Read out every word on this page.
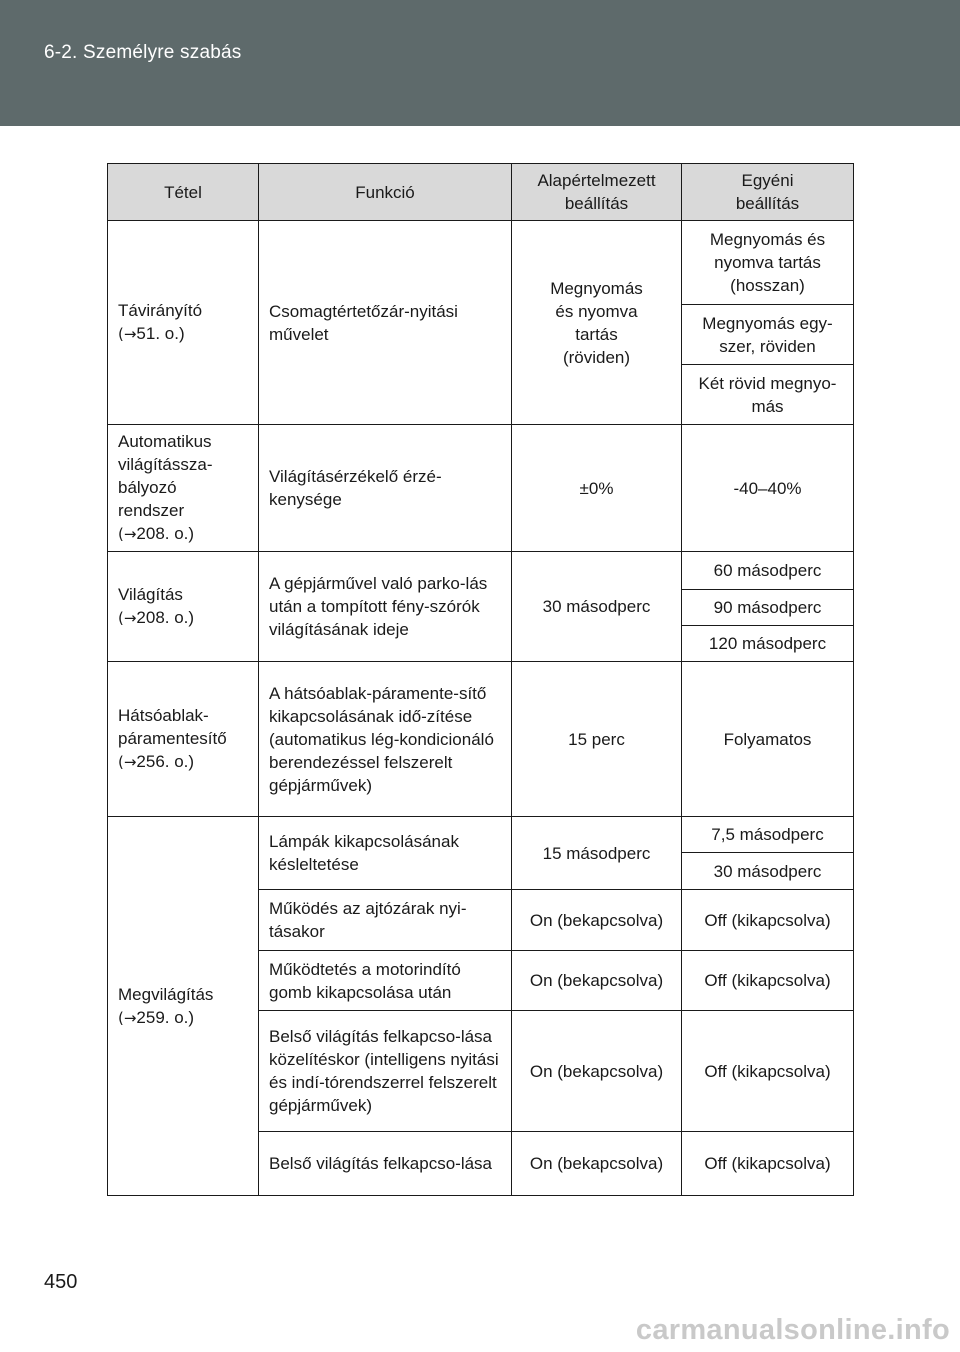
6-2. Személyre szabás
Tétel	Funkció	Alapértelmezett beállítás	Egyéni beállítás

Távirányító
(→51. o.)	Csomagtértetőzár-nyitási művelet	Megnyomás és nyomva tartás (röviden)	Megnyomás és nyomva tartás (hosszan)
			Megnyomás egy-szer, röviden
			Két rövid megnyo-más

Automatikus
világítássza-
bályozó
rendszer
(→208. o.)	Világításérzékelő érzé-kenysége	±0%	-40–40%

Világítás
(→208. o.)	A gépjárművel való parko-lás után a tompított fény-szórók világításának ideje	30 másodperc	60 másodperc
			90 másodperc
			120 másodperc

Hátsóablak-
páramentesítő
(→256. o.)	A hátsóablak-páramente-sítő kikapcsolásának idő-zítése (automatikus lég-kondicionáló berendezéssel felszerelt gépjárművek)	15 perc	Folyamatos

Megvilágítás
(→259. o.)	Lámpák kikapcsolásának késleltetése	15 másodperc	7,5 másodperc
			30 másodperc
	Működés az ajtózárak nyi-tásakor	On (bekapcsolva)	Off (kikapcsolva)
	Működtetés a motorindító gomb kikapcsolása után	On (bekapcsolva)	Off (kikapcsolva)
	Belső világítás felkapcso-lása közelítéskor (intelligens nyitási és indí-tórendszerrel felszerelt gépjárművek)	On (bekapcsolva)	Off (kikapcsolva)
	Belső világítás felkapcso-lása	On (bekapcsolva)	Off (kikapcsolva)
450
carmanualsonline.info
